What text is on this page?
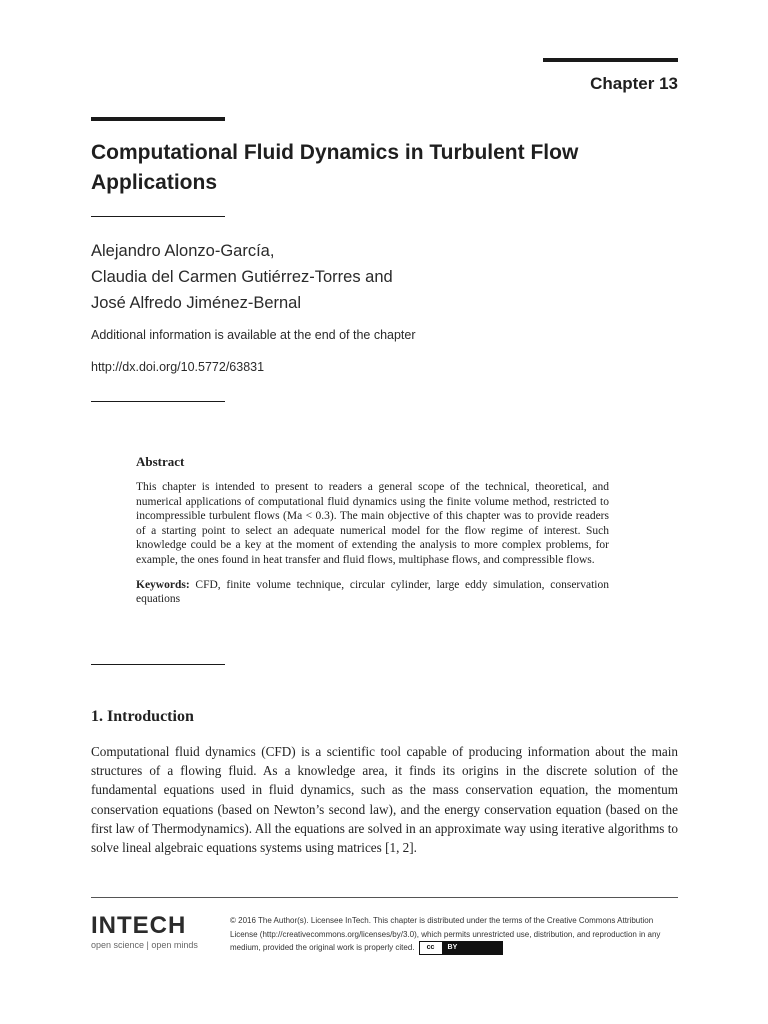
Chapter 13
Computational Fluid Dynamics in Turbulent Flow Applications
Alejandro Alonzo-García,
Claudia del Carmen Gutiérrez-Torres and
José Alfredo Jiménez-Bernal
Additional information is available at the end of the chapter
http://dx.doi.org/10.5772/63831
Abstract

This chapter is intended to present to readers a general scope of the technical, theoretical, and numerical applications of computational fluid dynamics using the finite volume method, restricted to incompressible turbulent flows (Ma < 0.3). The main objective of this chapter was to provide readers of a starting point to select an adequate numerical model for the flow regime of interest. Such knowledge could be a key at the moment of extending the analysis to more complex problems, for example, the ones found in heat transfer and fluid flows, multiphase flows, and compressible flows.

Keywords: CFD, finite volume technique, circular cylinder, large eddy simulation, conservation equations

1. Introduction

Computational fluid dynamics (CFD) is a scientific tool capable of producing information about the main structures of a flowing fluid. As a knowledge area, it finds its origins in the discrete solution of the fundamental equations used in fluid dynamics, such as the mass conservation equation, the momentum conservation equations (based on Newton’s second law), and the energy conservation equation (based on the first law of Thermodynamics). All the equations are solved in an approximate way using iterative algorithms to solve lineal algebraic equations systems using matrices [1, 2].

INTECH
open science | open minds

© 2016 The Author(s). Licensee InTech. This chapter is distributed under the terms of the Creative Commons Attribution License (http://creativecommons.org/licenses/by/3.0), which permits unrestricted use, distribution, and reproduction in any medium, provided the original work is properly cited.	cc	BY
